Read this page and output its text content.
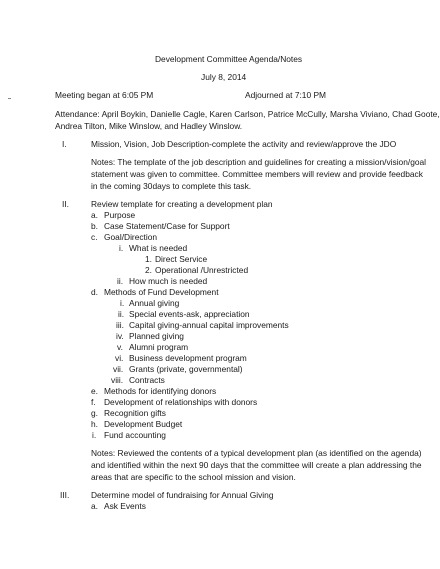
Development Committee Agenda/Notes
July 8, 2014
Meeting began at 6:05 PM	Adjourned at 7:10 PM
Attendance: April Boykin, Danielle Cagle, Karen Carlson, Patrice McCully, Marsha Viviano, Chad Goote,
Andrea Tilton, Mike Winslow, and Hadley Winslow.
I.	Mission, Vision, Job Description-complete the activity and review/approve the JDO
Notes: The template of the job description and guidelines for creating a mission/vision/goal
statement was given to committee. Committee members will review and provide feedback
in the coming 30days to complete this task.
II.	Review template for creating a development plan
a. Purpose
b. Case Statement/Case for Support
c. Goal/Direction
i. What is needed
1. Direct Service
2. Operational /Unrestricted
ii. How much is needed
d. Methods of Fund Development
i. Annual giving
ii. Special events-ask, appreciation
iii. Capital giving-annual capital improvements
iv. Planned giving
v. Alumni program
vi. Business development program
vii. Grants (private, governmental)
viii. Contracts
e. Methods for identifying donors
f. Development of relationships with donors
g. Recognition gifts
h. Development Budget
i. Fund accounting
Notes: Reviewed the contents of a typical development plan (as identified on the agenda)
and identified within the next 90 days that the committee will create a plan addressing the
areas that are specific to the school mission and vision.
III.	Determine model of fundraising for Annual Giving
a. Ask Events
